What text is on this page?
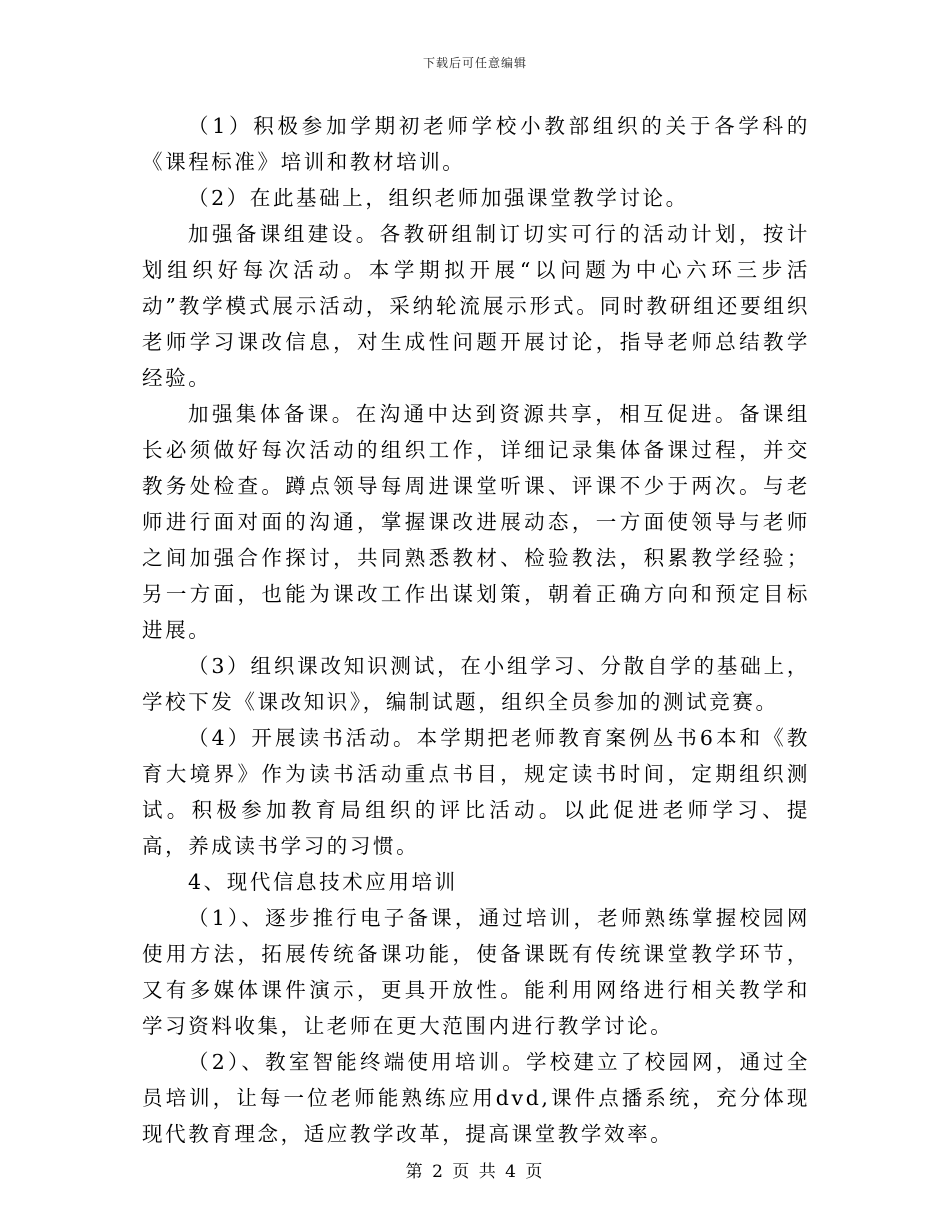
下载后可任意编辑

（1）积极参加学期初老师学校小教部组织的关于各学科的《课程标准》培训和教材培训。

（2）在此基础上，组织老师加强课堂教学讨论。

加强备课组建设。各教研组制订切实可行的活动计划，按计划组织好每次活动。本学期拟开展“以问题为中心六环三步活动”教学模式展示活动，采纳轮流展示形式。同时教研组还要组织老师学习课改信息，对生成性问题开展讨论，指导老师总结教学经验。

加强集体备课。在沟通中达到资源共享，相互促进。备课组长必须做好每次活动的组织工作，详细记录集体备课过程，并交教务处检查。蹲点领导每周进课堂听课、评课不少于两次。与老师进行面对面的沟通，掌握课改进展动态，一方面使领导与老师之间加强合作探讨，共同熟悉教材、检验教法，积累教学经验；另一方面，也能为课改工作出谋划策，朝着正确方向和预定目标进展。

（3）组织课改知识测试，在小组学习、分散自学的基础上，学校下发《课改知识》，编制试题，组织全员参加的测试竞赛。

（4）开展读书活动。本学期把老师教育案例丛书6本和《教育大境界》作为读书活动重点书目，规定读书时间，定期组织测试。积极参加教育局组织的评比活动。以此促进老师学习、提高，养成读书学习的习惯。

4、现代信息技术应用培训

（1）、逐步推行电子备课，通过培训，老师熟练掌握校园网使用方法，拓展传统备课功能，使备课既有传统课堂教学环节，又有多媒体课件演示，更具开放性。能利用网络进行相关教学和学习资料收集，让老师在更大范围内进行教学讨论。

（2）、教室智能终端使用培训。学校建立了校园网，通过全员培训，让每一位老师能熟练应用dvd,课件点播系统，充分体现现代教育理念，适应教学改革，提高课堂教学效率。

第 2 页 共 4 页
